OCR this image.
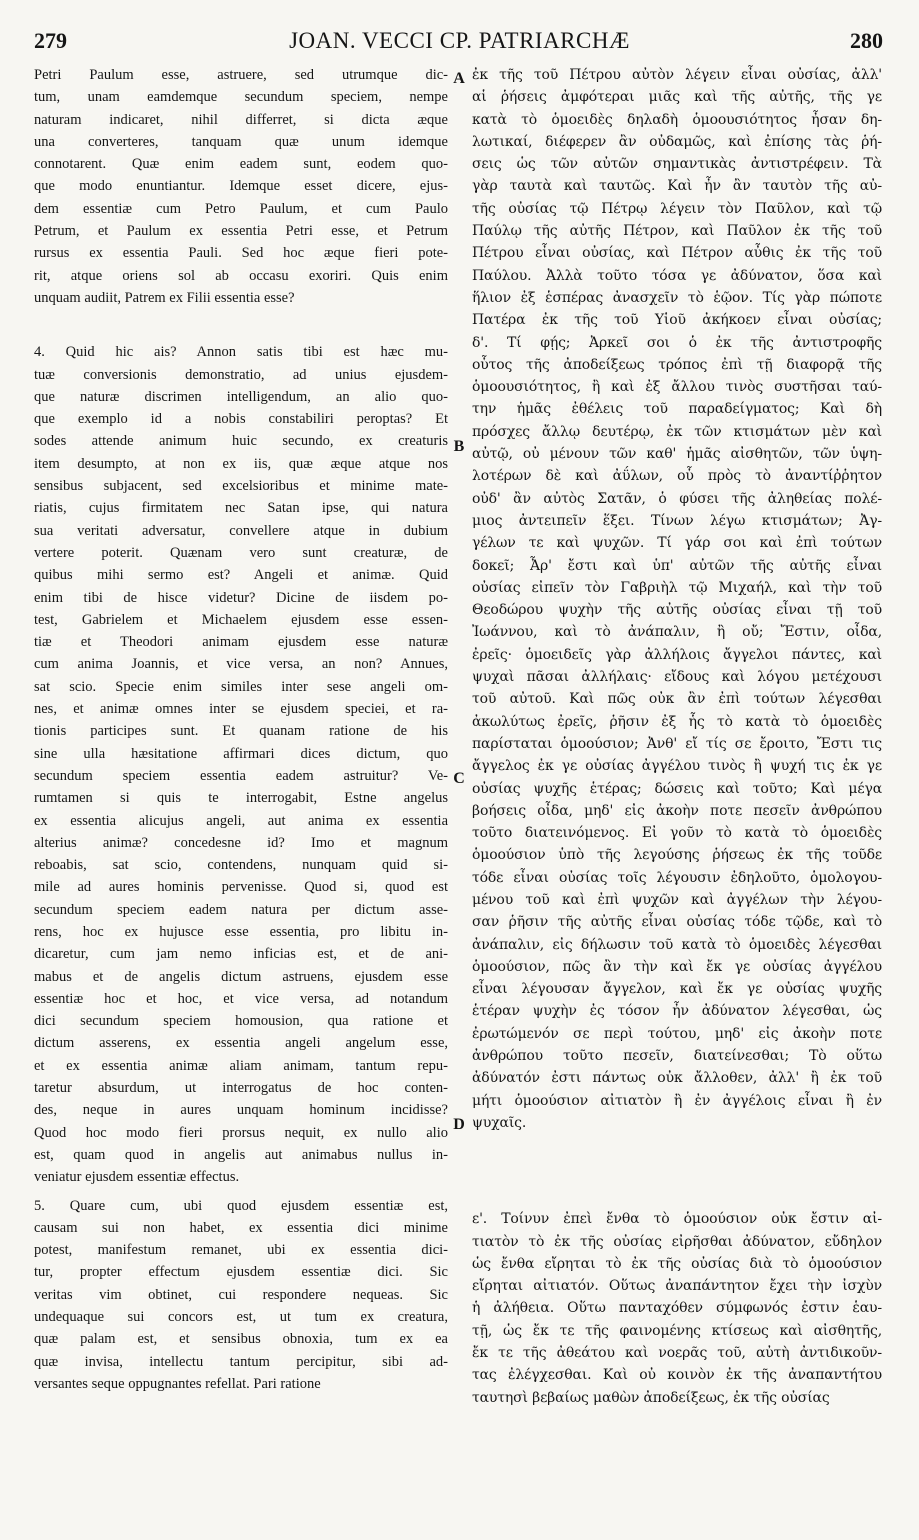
279	JOAN. VECCI CP. PATRIARCHÆ	280
Petri Paulum esse, astruere, sed utrumque dic-
tum, unam eamdemque secundum speciem, nempe
naturam indicaret, nihil differret, si dicta æque
una converteres, tanquam quæ unum idemque
connotarent. Quæ enim eadem sunt, eodem quo-
que modo enuntiantur. Idemque esset dicere, ejus-
dem essentiæ cum Petro Paulum, et cum Paulo
Petrum, et Paulum ex essentia Petri esse, et Petrum
rursus ex essentia Pauli. Sed hoc æque fieri pote-
rit, atque oriens sol ab occasu exoriri. Quis enim
unquam audiit, Patrem ex Filii essentia esse?
4. Quid hic ais? Annon satis tibi est hæc mu-
tuæ conversionis demonstratio, ad unius ejusdem-
que naturæ discrimen intelligendum, an alio quo-
que exemplo id a nobis constabiliri peroptas? Et
sodes attende animum huic secundo, ex creaturis
item desumpto, at non ex iis, quæ æque atque nos
sensibus subjacent, sed excelsioribus et minime mate-
riatis, cujus firmitatem nec Satan ipse, qui natura
sua veritati adversatur, convellere atque in dubium
vertere poterit. Quænam vero sunt creaturæ, de
quibus mihi sermo est? Angeli et animæ. Quid
enim tibi de hisce videtur? Dicine de iisdem po-
test, Gabrielem et Michaelem ejusdem esse essen-
tiæ et Theodori animam ejusdem esse naturæ
cum anima Joannis, et vice versa, an non? Annues,
sat scio. Specie enim similes inter sese angeli om-
nes, et animæ omnes inter se ejusdem speciei, et ra-
tionis participes sunt. Et quanam ratione de his
sine ulla hæsitatione affirmari dices dictum, quo
secundum speciem essentia eadem astruitur? Ve-
rumtamen si quis te interrogabit, Estne angelus
ex essentia alicujus angeli, aut anima ex essentia
alterius animæ? concedesne id? Imo et magnum
reboabis, sat scio, contendens, nunquam quid si-
mile ad aures hominis pervenisse. Quod si, quod est
secundum speciem eadem natura per dictum asse-
rens, hoc ex hujusce esse essentia, pro libitu in-
dicaretur, cum jam nemo inficias est, et de ani-
mabus et de angelis dictum astruens, ejusdem esse
essentiæ hoc et hoc, et vice versa, ad notandum
dici secundum speciem homousion, qua ratione et
dictum asserens, ex essentia angeli angelum esse,
et ex essentia animæ aliam animam, tantum repu-
taretur absurdum, ut interrogatus de hoc conten-
des, neque in aures unquam hominum incidisse?
Quod hoc modo fieri prorsus nequit, ex nullo alio
est, quam quod in angelis aut animabus nullus in-
veniatur ejusdem essentiæ effectus.
5. Quare cum, ubi quod ejusdem essentiæ est,
causam sui non habet, ex essentia dici minime
potest, manifestum remanet, ubi ex essentia dici-
tur, propter effectum ejusdem essentiæ dici. Sic
veritas vim obtinet, cui respondere nequeas. Sic
undequaque sui concors est, ut tum ex creatura,
quæ palam est, et sensibus obnoxia, tum ex ea
quæ invisa, intellectu tantum percipitur, sibi ad-
versantes seque oppugnantes refellat. Pari ratione
ἐκ τῆς τοῦ Πέτρου αὐτὸν λέγειν εἶναι οὐσίας, ἀλλ'
αἱ ῥήσεις ἀμφότεραι μιᾶς καὶ τῆς αὐτῆς, τῆς γε
κατὰ τὸ ὁμοειδὲς δηλαδὴ ὁμοουσιότητος ἦσαν δη-
λωτικαί, διέφερεν ἂν οὐδαμῶς, καὶ ἐπίσης τὰς ῥή-
σεις ὡς τῶν αὐτῶν σημαντικὰς ἀντιστρέφειν. Τὰ
γὰρ ταυτὰ καὶ ταυτῶς. Καὶ ἦν ἂν ταυτὸν τῆς αὐ-
τῆς οὐσίας τῷ Πέτρῳ λέγειν τὸν Παῦλον, καὶ τῷ
Παύλῳ τῆς αὐτῆς Πέτρον, καὶ Παῦλον ἐκ τῆς τοῦ
Πέτρου εἶναι οὐσίας, καὶ Πέτρον αὖθις ἐκ τῆς τοῦ
Παύλου. Ἀλλὰ τοῦτο τόσα γε ἀδύνατον, ὅσα καὶ
ἥλιον ἐξ ἑσπέρας ἀνασχεῖν τὸ ἑῷον. Τίς γὰρ πώποτε
Πατέρα ἐκ τῆς τοῦ Υἱοῦ ἀκήκοεν εἶναι οὐσίας;
δ'. Τί φῄς; Ἀρκεῖ σοι ὁ ἐκ τῆς ἀντιστροφῆς
οὗτος τῆς ἀποδείξεως τρόπος ἐπὶ τῇ διαφορᾷ τῆς
ὁμοουσιότητος, ἢ καὶ ἐξ ἄλλου τινὸς συστῆσαι ταύ-
την ἡμᾶς ἐθέλεις τοῦ παραδείγματος; Καὶ δὴ
πρόσχες ἄλλῳ δευτέρῳ, ἐκ τῶν κτισμάτων μὲν καὶ
αὐτῷ, οὐ μένουν τῶν καθ' ἡμᾶς αἰσθητῶν, τῶν ὑψη-
λοτέρων δὲ καὶ ἀΰλων, οὗ πρὸς τὸ ἀναντίῤῥητον
οὐδ' ἂν αὐτὸς Σατᾶν, ὁ φύσει τῆς ἀληθείας πολέ-
μιος ἀντειπεῖν ἕξει. Τίνων λέγω κτισμάτων; Ἀγ-
γέλων τε καὶ ψυχῶν. Τί γάρ σοι καὶ ἐπὶ τούτων
δοκεῖ; Ἆρ' ἔστι καὶ ὑπ' αὐτῶν τῆς αὐτῆς εἶναι
οὐσίας εἰπεῖν τὸν Γαβριὴλ τῷ Μιχαήλ, καὶ τὴν τοῦ
Θεοδώρου ψυχὴν τῆς αὐτῆς οὐσίας εἶναι τῇ τοῦ
Ἰωάννου, καὶ τὸ ἀνάπαλιν, ἢ οὔ; Ἔστιν, οἶδα,
ἐρεῖς· ὁμοειδεῖς γὰρ ἀλλήλοις ἄγγελοι πάντες, καὶ
ψυχαὶ πᾶσαι ἀλλήλαις· εἴδους καὶ λόγου μετέχουσι
τοῦ αὐτοῦ. Καὶ πῶς οὐκ ἂν ἐπὶ τούτων λέγεσθαι
ἀκωλύτως ἐρεῖς, ῥῆσιν ἐξ ἧς τὸ κατὰ τὸ ὁμοειδὲς
παρίσταται ὁμοούσιον; Ἀνθ' εἴ τίς σε ἔροιτο, Ἔστι τις
ἄγγελος ἐκ γε οὐσίας ἀγγέλου τινὸς ἢ ψυχή τις ἐκ γε
οὐσίας ψυχῆς ἑτέρας; δώσεις καὶ τοῦτο; Καὶ μέγα
βοήσεις οἶδα, μηδ' εἰς ἀκοὴν ποτε πεσεῖν ἀνθρώπου
τοῦτο διατεινόμενος. Εἰ γοῦν τὸ κατὰ τὸ ὁμοειδὲς
ὁμοούσιον ὑπὸ τῆς λεγούσης ῥήσεως ἐκ τῆς τοῦδε
τόδε εἶναι οὐσίας τοῖς λέγουσιν ἐδηλοῦτο, ὁμολογου-
μένου τοῦ καὶ ἐπὶ ψυχῶν καὶ ἀγγέλων τὴν λέγου-
σαν ῥῆσιν τῆς αὐτῆς εἶναι οὐσίας τόδε τῷδε, καὶ τὸ
ἀνάπαλιν, εἰς δήλωσιν τοῦ κατὰ τὸ ὁμοειδὲς λέγεσθαι
ὁμοούσιον, πῶς ἂν τὴν καὶ ἔκ γε οὐσίας ἀγγέλου
εἶναι λέγουσαν ἄγγελον, καὶ ἔκ γε οὐσίας ψυχῆς
ἑτέραν ψυχὴν ἐς τόσον ἦν ἀδύνατον λέγεσθαι, ὡς
ἐρωτώμενόν σε περὶ τούτου, μηδ' εἰς ἀκοὴν ποτε
ἀνθρώπου τοῦτο πεσεῖν, διατείνεσθαι; Τὸ οὕτω
ἀδύνατόν ἐστι πάντως οὐκ ἄλλοθεν, ἀλλ' ἢ ἐκ τοῦ
μήτι ὁμοούσιον αἰτιατὸν ἢ ἐν ἀγγέλοις εἶναι ἢ ἐν
ψυχαῖς.
ε'. Τοίνυν ἐπεὶ ἔνθα τὸ ὁμοούσιον οὐκ ἔστιν αἰ-
τιατὸν τὸ ἐκ τῆς οὐσίας εἰρῆσθαι ἀδύνατον, εὔδηλον
ὡς ἔνθα εἴρηται τὸ ἐκ τῆς οὐσίας διὰ τὸ ὁμοούσιον
εἴρηται αἰτιατόν. Οὕτως ἀναπάντητον ἔχει τὴν ἰσχὺν
ἡ ἀλήθεια. Οὕτω πανταχόθεν σύμφωνός ἐστιν ἑαυ-
τῇ, ὡς ἔκ τε τῆς φαινομένης κτίσεως καὶ αἰσθητῆς,
ἔκ τε τῆς ἀθεάτου καὶ νοερᾶς τοῦ, αὐτὴ ἀντιδικοῦν-
τας ἐλέγχεσθαι. Καὶ οὐ κοινὸν ἐκ τῆς ἀναπαντήτου
ταυτησὶ βεβαίως μαθὼν ἀποδείξεως, ἐκ τῆς οὐσίας
A
B
C
D
